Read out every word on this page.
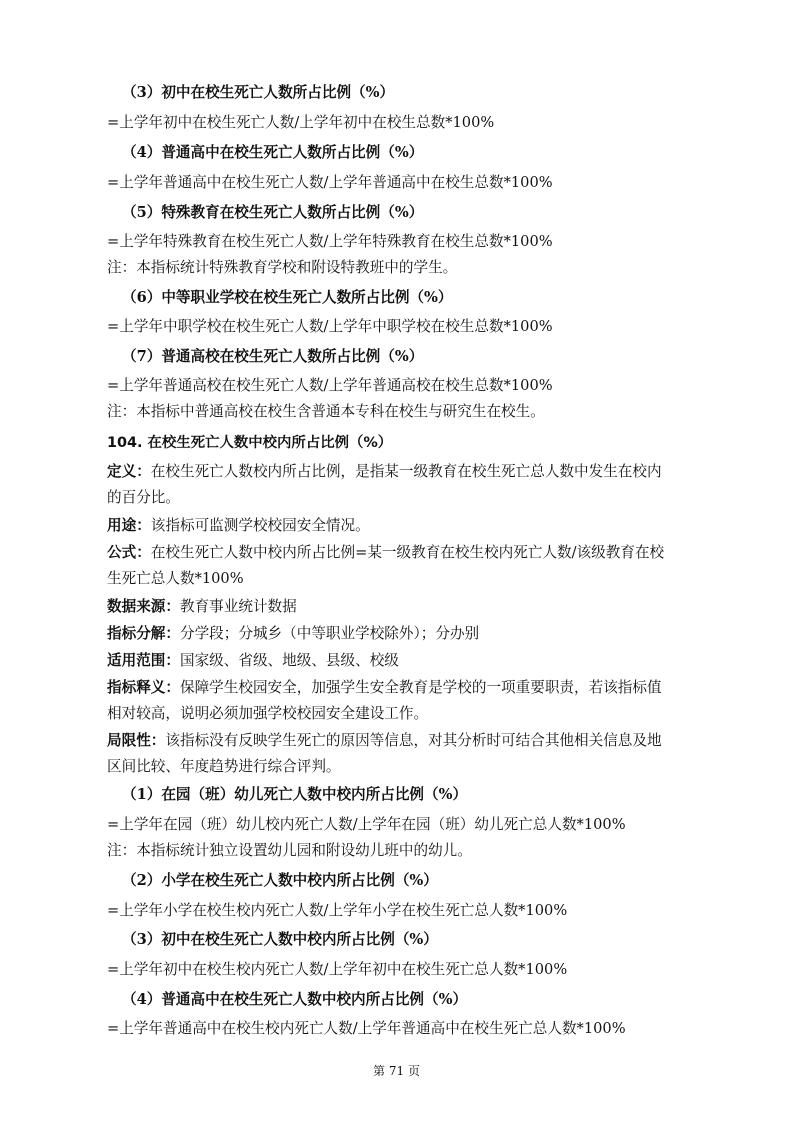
（3）初中在校生死亡人数所占比例（%）
=上学年初中在校生死亡人数/上学年初中在校生总数*100%
（4）普通高中在校生死亡人数所占比例（%）
=上学年普通高中在校生死亡人数/上学年普通高中在校生总数*100%
（5）特殊教育在校生死亡人数所占比例（%）
=上学年特殊教育在校生死亡人数/上学年特殊教育在校生总数*100%
注：本指标统计特殊教育学校和附设特教班中的学生。
（6）中等职业学校在校生死亡人数所占比例（%）
=上学年中职学校在校生死亡人数/上学年中职学校在校生总数*100%
（7）普通高校在校生死亡人数所占比例（%）
=上学年普通高校在校生死亡人数/上学年普通高校在校生总数*100%
注：本指标中普通高校在校生含普通本专科在校生与研究生在校生。
104. 在校生死亡人数中校内所占比例（%）
定义：在校生死亡人数校内所占比例，是指某一级教育在校生死亡总人数中发生在校内
的百分比。
用途：该指标可监测学校校园安全情况。
公式：在校生死亡人数中校内所占比例=某一级教育在校生校内死亡人数/该级教育在校
生死亡总人数*100%
数据来源：教育事业统计数据
指标分解：分学段；分城乡（中等职业学校除外）；分办别
适用范围：国家级、省级、地级、县级、校级
指标释义：保障学生校园安全，加强学生安全教育是学校的一项重要职责，若该指标值
相对较高，说明必须加强学校校园安全建设工作。
局限性：该指标没有反映学生死亡的原因等信息，对其分析时可结合其他相关信息及地
区间比较、年度趋势进行综合评判。
（1）在园（班）幼儿死亡人数中校内所占比例（%）
=上学年在园（班）幼儿校内死亡人数/上学年在园（班）幼儿死亡总人数*100%
注：本指标统计独立设置幼儿园和附设幼儿班中的幼儿。
（2）小学在校生死亡人数中校内所占比例（%）
=上学年小学在校生校内死亡人数/上学年小学在校生死亡总人数*100%
（3）初中在校生死亡人数中校内所占比例（%）
=上学年初中在校生校内死亡人数/上学年初中在校生死亡总人数*100%
（4）普通高中在校生死亡人数中校内所占比例（%）
=上学年普通高中在校生校内死亡人数/上学年普通高中在校生死亡总人数*100%
第 71 页
